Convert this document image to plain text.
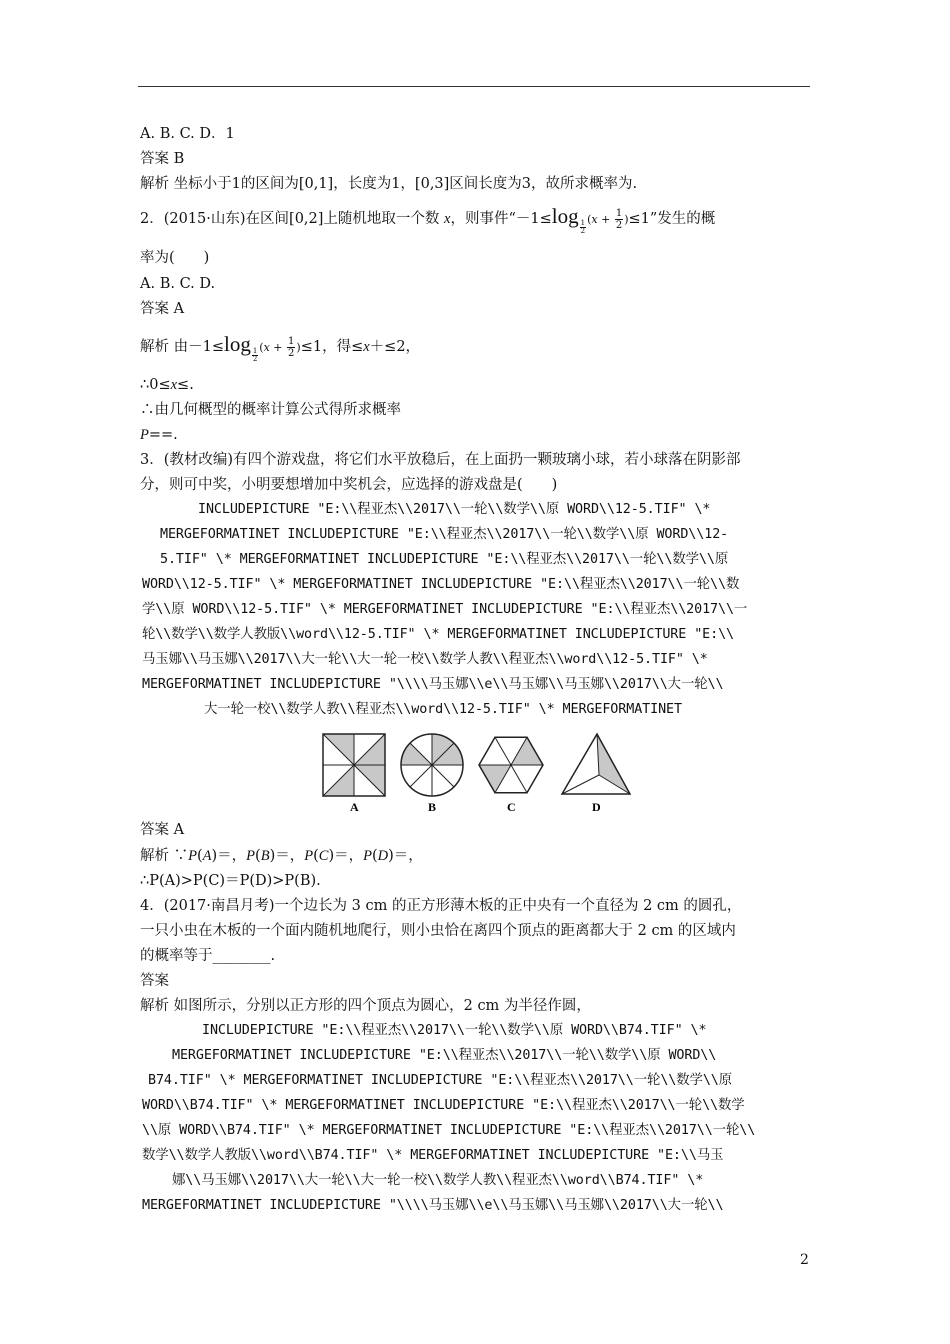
A. B. C. D．1
答案 B
解析 坐标小于1的区间为[0,1]，长度为1，[0,3]区间长度为3，故所求概率为.
2．(2015·山东)在区间[0,2]上随机地取一个数 x，则事件“－1≤log $_{\frac{1}{2}}$ $(x + \frac{1}{2} )\le 1$”发生的概
率为(　　)
A. B. C. D.
答案 A
解析 由－1≤log $_{\frac{1}{2}}$ $(x + \frac{1}{2} )\le 1$，得≤x＋≤2，
∴0≤x≤.
∴由几何概型的概率计算公式得所求概率
P==.
3．(教材改编)有四个游戏盘，将它们水平放稳后，在上面扔一颗玻璃小球，若小球落在阴影部
分，则可中奖，小明要想增加中奖机会，应选择的游戏盘是(　　)
INCLUDEPICTURE "E:\\程亚杰\\2017\\一轮\\数学\\原 WORD\\12-5.TIF" \*
MERGEFORMATINET INCLUDEPICTURE "E:\\程亚杰\\2017\\一轮\\数学\\原 WORD\\12-
5.TIF" \* MERGEFORMATINET INCLUDEPICTURE "E:\\程亚杰\\2017\\一轮\\数学\\原
WORD\\12-5.TIF" \* MERGEFORMATINET INCLUDEPICTURE "E:\\程亚杰\\2017\\一轮\\数
学\\原 WORD\\12-5.TIF" \* MERGEFORMATINET INCLUDEPICTURE "E:\\程亚杰\\2017\\一
轮\\数学\\数学人教版\\word\\12-5.TIF" \* MERGEFORMATINET INCLUDEPICTURE "E:\\
马玉娜\\马玉娜\\2017\\大一轮\\大一轮一校\\数学人教\\程亚杰\\word\\12-5.TIF" \*
MERGEFORMATINET INCLUDEPICTURE "\\\\马玉娜\\e\\马玉娜\\马玉娜\\2017\\大一轮\\
大一轮一校\\数学人教\\程亚杰\\word\\12-5.TIF" \* MERGEFORMATINET
A	B	C	D
答案 A
解析 ∵P(A)＝，P(B)＝，P(C)＝，P(D)＝，
∴P(A)>P(C)＝P(D)>P(B).
4．(2017·南昌月考)一个边长为 3 cm 的正方形薄木板的正中央有一个直径为 2 cm 的圆孔，
一只小虫在木板的一个面内随机地爬行，则小虫恰在离四个顶点的距离都大于 2 cm 的区域内
的概率等于________.
答案
解析 如图所示，分别以正方形的四个顶点为圆心，2 cm 为半径作圆，
INCLUDEPICTURE "E:\\程亚杰\\2017\\一轮\\数学\\原 WORD\\B74.TIF" \*
MERGEFORMATINET INCLUDEPICTURE "E:\\程亚杰\\2017\\一轮\\数学\\原 WORD\\
B74.TIF" \* MERGEFORMATINET INCLUDEPICTURE "E:\\程亚杰\\2017\\一轮\\数学\\原
WORD\\B74.TIF" \* MERGEFORMATINET INCLUDEPICTURE "E:\\程亚杰\\2017\\一轮\\数学
\\原 WORD\\B74.TIF" \* MERGEFORMATINET INCLUDEPICTURE "E:\\程亚杰\\2017\\一轮\\
数学\\数学人教版\\word\\B74.TIF" \* MERGEFORMATINET INCLUDEPICTURE "E:\\马玉
娜\\马玉娜\\2017\\大一轮\\大一轮一校\\数学人教\\程亚杰\\word\\B74.TIF" \*
MERGEFORMATINET INCLUDEPICTURE "\\\\马玉娜\\e\\马玉娜\\马玉娜\\2017\\大一轮\\
2
